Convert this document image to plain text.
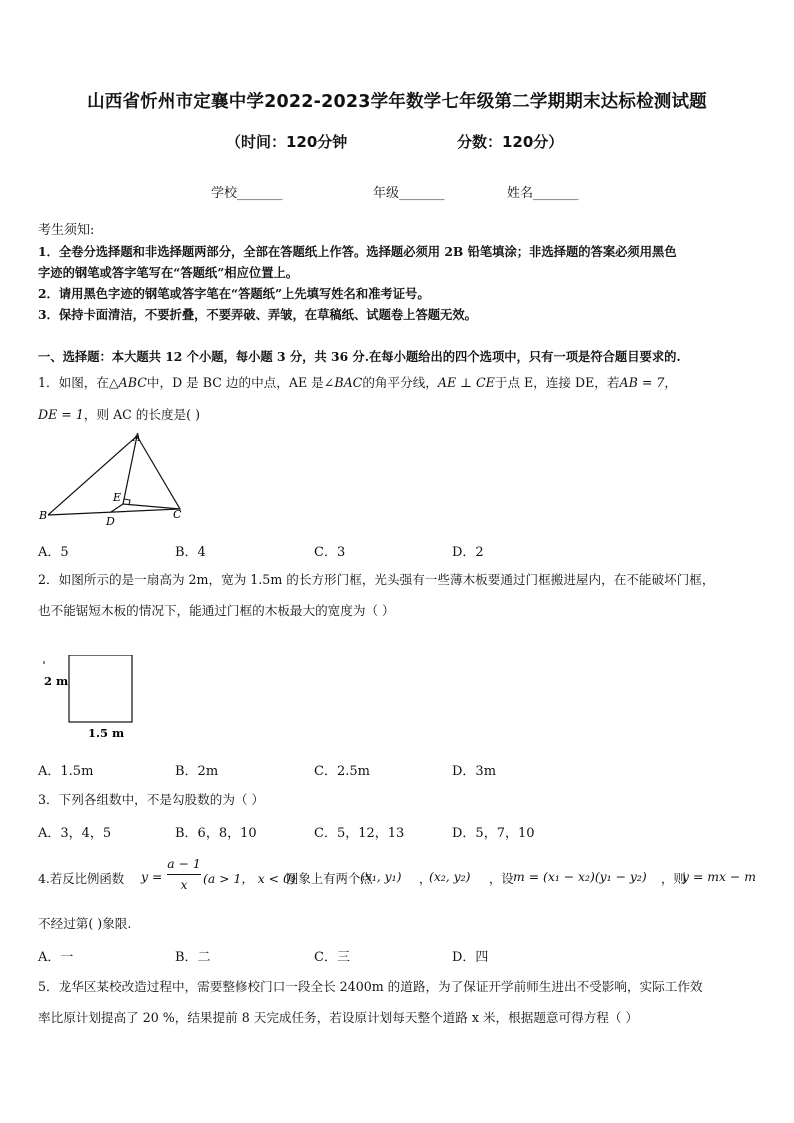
山西省忻州市定襄中学2022-2023学年数学七年级第二学期期末达标检测试题
（时间：120分钟	分数：120分）
学校_______	年级_______	姓名_______
考生须知:
1．全卷分选择题和非选择题两部分，全部在答题纸上作答。选择题必须用 2B 铅笔填涂；非选择题的答案必须用黑色
字迹的钢笔或答字笔写在“答题纸”相应位置上。
2．请用黑色字迹的钢笔或答字笔在“答题纸”上先填写姓名和准考证号。
3．保持卡面清洁，不要折叠，不要弄破、弄皱，在草稿纸、试题卷上答题无效。
一、选择题：本大题共 12 个小题，每小题 3 分，共 36 分.在每小题给出的四个选项中，只有一项是符合题目要求的.
1．如图，在△ABC中，D 是 BC 边的中点，AE 是∠BAC的角平分线，AE ⊥ CE于点 E，连接 DE，若AB = 7，
DE = 1，则 AC 的长度是( )
A
B	C
D
E
A．5	B．4	C．3	D．2
2．如图所示的是一扇高为 2m，宽为 1.5m 的长方形门框，光头强有一些薄木板要通过门框搬进屋内，在不能破坏门框，
也不能锯短木板的情况下，能通过门框的木板最大的宽度为（ ）
2 m
1.5 m
A．1.5m	B．2m	C．2.5m	D．3m
3．下列各组数中，不是勾股数的为（ ）
A．3，4，5	B．6，8，10	C．5，12，13	D．5，7，10
4.若反比例函数 y =
a − 1
x	(a > 1， x < 0)
图象上有两个点
(x₁, y₁) ，
(x₂, y₂) ，设 m = (x₁ − x₂)(y₁ − y₂) ，则
y = mx − m
不经过第( )象限.
A．一	B．二	C．三	D．四
5．龙华区某校改造过程中，需要整修校门口一段全长 2400m 的道路，为了保证开学前师生进出不受影响，实际工作效
率比原计划提高了 20 %，结果提前 8 天完成任务，若设原计划每天整个道路 x 米，根据题意可得方程（ ）
